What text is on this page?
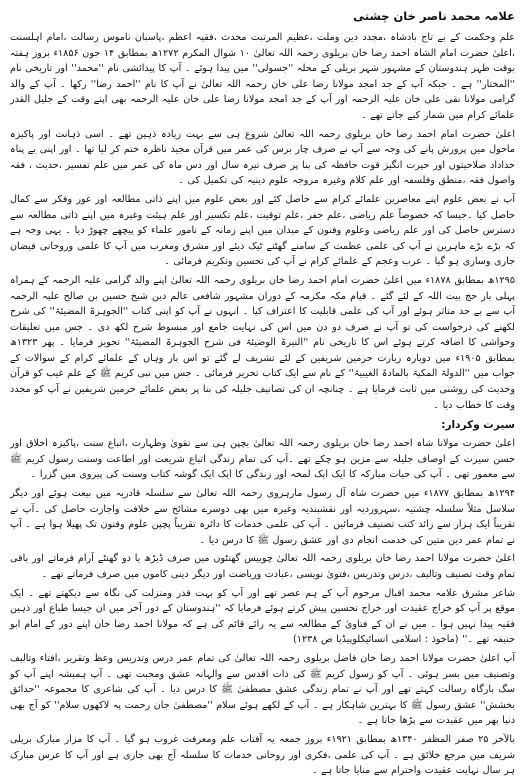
علامہ محمد ناصر خان چشتی

علم وحکمت کے بے تاج بادشاہ ،مجدد دین وملت ،عظیم المرتبت محدث ،فقیہ اعظم ،پاسبان ناموس رسالت ،امام اہلسنت ،اعلیٰ حضرت امام الشاہ احمد رضا خان بریلوی رحمہ اللہ تعالیٰ ۱۰ شوال المکرم ۱۲۷۲ھ بمطابق ۱۴ جون ۱۸۵۶ء بروز ہفتہ بوقت ظہر ہندوستان کے مشہور شہر بریلی کے محلہ ''جسولی'' میں پیدا ہوئے ۔ آپ کا پیدائشی نام ''محمد'' اور تاریخی نام ''المختار'' ہے ۔ جبکہ آپ کے جد امجد مولانا رضا علی خان رحمہ اللہ تعالیٰ نے آپ کا نام ''احمد رضا'' رکھا ۔ آپ کے والد گرامی مولانا نقی علی خان علیہ الرحمہ اور آپ کے جد امجد مولانا رضا علی خان علیہ الرحمہ بھی اپنے وقت کے جلیل القدر علمائے کرام میں شمار کیے جاتے تھے ۔

اعلیٰ حضرت امام احمد رضا خان بریلوی رحمہ اللہ تعالیٰ شروع ہی سے بہت زیادہ ذہین تھے ۔ اسی ذہانت اور پاکیزہ ماحول میں پرورش پانے کی وجہ سے آپ نے صرف چار برس کی عمر میں قرآن مجید ناظرہ ختم کر لیا تھا ۔ اور اپنی بے پناہ خداداد صلاحیتوں اور حیرت انگیز قوت حافظہ کی بنا پر صرف تیرہ سال اور دس ماہ کی عمر میں علم تفسیر ،حدیث ، فقہ واصول فقہ ،منطق وفلسفہ اور علم کلام وغیرہ مروجہ علوم دینیہ کی تکمیل کی ۔

آپ نے بعض علوم اپنے معاصرین علمائے کرام سے حاصل کئے اور بعض علوم میں اپنے ذاتی مطالعہ اور غور وفکر سے کمال حاصل کیا ۔جیسا کہ خصوصاً علم ریاضی ،علم جفر ،علم توقیت ،علم تکسیر اور علم ہیئت وغیرہ میں اپنے ذاتی مطالعہ سے دسترس حاصل کی اور علم ریاضی وعلوم وفنون کے میدان میں اپنے زمانہ کے نامور علماء کو پیچھے چھوڑ دیا ۔ یہی وجہ ہے کہ بڑے بڑے ماہرین نے آپ کی علمی عظمت کے سامنے گھٹنے ٹیک دیئے اور مشرق ومغرب میں آپ کا علمی وروحانی فیضان جاری وساری ہو گیا ۔ عرب وعجم کے علمائے کرام نے آپ کی تحسین وتکریم فرمائی ۔

۱۲۹۵ھ بمطابق ۱۸۷۸ء میں اعلیٰ حضرت امام احمد رضا خان بریلوی رحمہ اللہ تعالیٰ اپنے والد گرامی علیہ الرحمہ کے ہمراہ پہلی بار حج بیت اللہ کے لئے گئے ۔ قیام مکہ مکرمہ کے دوران مشہور شافعی عالم دین شیخ حسین بن صالح علیہ الرحمہ آپ سے بے حد متاثر ہوئے اور آپ کی علمی قابلیت کا اعتراف کیا ۔ انہوں نے آپ کو اپنی کتاب ''الجوہرۃ المضیئۃ'' کی شرح لکھنے کی درخواست کی تو آپ نے صرف دو دن میں اس کی نہایت جامع اور مبسوط شرح لکھ دی ۔ جس میں تعلیقات وحواشی کا اضافہ کرتے ہوئے اس کا تاریخی نام ''النیرۃ الوضیئۃ فی شرح الجوہرۃ المضیئۃ'' تجویز فرمایا ۔ پھر ۱۳۲۳ھ بمطابق ۱۹۰۵ء میں دوبارہ زیارت حرمین شریفین کے لئے تشریف لے گئے تو اس بار وہاں کے علمائے کرام کے سوالات کے جواب میں ''الدولۃ المکیۃ بالمادۃ الغیبیۃ'' کے نام سے ایک کتاب تحریر فرمائی ۔ جس میں نبی کریم ﷺ کے علم غیب کو قرآن وحدیث کی روشنی میں ثابت فرمایا ہے ۔ چنانچہ ان کی تصانیف جلیلہ کی بنا پر بعض علمائے حرمین شریفین نے آپ کو مجدد وقت کا خطاب دیا ۔

سیرت وکردار:

اعلیٰ حضرت مولانا شاہ احمد رضا خان بریلوی رحمہ اللہ تعالیٰ بچپن ہی سے تقویٰ وطہارت ،اتباع سنت ،پاکیزہ اخلاق اور حسن سیرت کے اوصاف جلیلہ سے مزین ہو چکے تھے ۔آپ کی تمام زندگی اتباع شریعت اور اطاعت وسنت رسول کریم ﷺ سے معمور تھی ۔ آپ کی حیات مبارکہ کا ایک ایک لمحہ اور زندگی کا ایک ایک گوشہ کتاب وسنت کی پیروی میں گزرا ۔

۱۲۹۴ھ بمطابق ۱۸۷۷ء میں حضرت شاہ آل رسول مارہروی رحمہ اللہ تعالیٰ سے سلسلہ قادریہ میں بیعت ہوئے اور دیگر سلاسل مثلاً سلسلہ چشتیہ ،سہروردیہ اور نقشبندیہ وغیرہ میں بھی دوسرے مشائخ سے خلافت واجازت حاصل کی ۔آپ نے تقریباً ایک ہزار سے زائد کتب تصنیف فرمائیں ۔ آپ کی علمی خدمات کا دائرہ تقریباً پچپن علوم وفنون تک پھیلا ہوا ہے ۔ آپ نے تمام عمر دین متین کی خدمت انجام دی اور عشق رسول ﷺ کا درس دیا ۔

اعلیٰ حضرت مولانا احمد رضا خان بریلوی رحمہ اللہ تعالیٰ چوبیس گھنٹوں میں صرف ڈیڑھ یا دو گھنٹے آرام فرماتے اور باقی تمام وقت تصنیف وتالیف ،درس وتدریس ،فتویٰ نویسی ،عبادت وریاضت اور دیگر دینی کاموں میں صرف فرماتے تھے ۔

شاعر مشرق علامہ محمد اقبال مرحوم آپ کے ہم عصر تھے اور آپ کو بہت قدر ومنزلت کی نگاہ سے دیکھتے تھے ۔ ایک موقع پر آپ کو خراج عقیدت اور خراج تحسین پیش کرتے ہوئے فرمایا کہ ''ہندوستان کے دور آخر میں ان جیسا طباع اور ذہین فقیہ پیدا نہیں ہوا ۔ میں نے ان کے فتاویٰ کے مطالعہ سے یہ رائے قائم کی ہے کہ مولانا احمد رضا خان اپنے دور کے امام ابو حنیفہ تھے ۔'' (ماخوذ : اسلامی انسائیکلوپیڈیا ص ۱۲۳۸)

آپ اعلیٰ حضرت مولانا احمد رضا خان فاضل بریلوی رحمہ اللہ تعالیٰ کی تمام عمر درس وتدریس وعظ وتقریر ،افتاء وتالیف وتصنیف میں بسر ہوئی ۔ آپ کو رسول کریم ﷺ کی ذات اقدس سے والہانہ عشق ومحبت تھی ۔ آپ ہمیشہ اپنے آپ کو سگ بارگاہ رسالت کہتے تھے اور آپ نے تمام زندگی عشق مصطفیٰ ﷺ کا درس دیا ۔ آپ کی شاعری کا مجموعہ ''حدائق بخشش'' عشق رسول ﷺ کا بہترین شاہکار ہے ۔ آپ کے لکھے ہوئے سلام ''مصطفیٰ جان رحمت پہ لاکھوں سلام'' کو آج بھی دنیا بھر میں عقیدت سے پڑھا جاتا ہے ۔

بالآخر ۲۵ صفر المظفر ۱۳۴۰ھ بمطابق ۱۹۲۱ء بروز جمعہ یہ آفتاب علم ومعرفت غروب ہو گیا ۔ آپ کا مزار مبارک بریلی شریف میں مرجع خلائق ہے ۔ آپ کی علمی ،فکری اور روحانی خدمات کا سلسلہ آج بھی جاری ہے اور آپ کا عرس مبارک ہر سال نہایت عقیدت واحترام سے منایا جاتا ہے ۔
